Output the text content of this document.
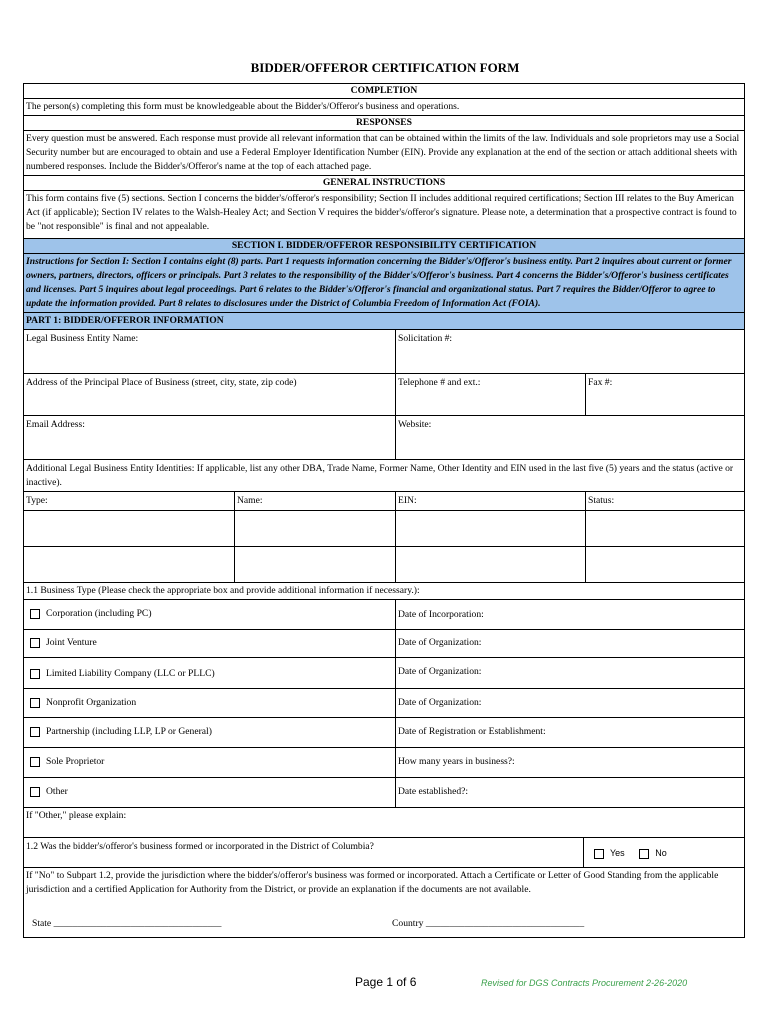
BIDDER/OFFEROR CERTIFICATION FORM
COMPLETION
The person(s) completing this form must be knowledgeable about the Bidder's/Offeror's business and operations.
RESPONSES
Every question must be answered. Each response must provide all relevant information that can be obtained within the limits of the law. Individuals and sole proprietors may use a Social Security number but are encouraged to obtain and use a Federal Employer Identification Number (EIN). Provide any explanation at the end of the section or attach additional sheets with numbered responses. Include the Bidder's/Offeror's name at the top of each attached page.
GENERAL INSTRUCTIONS
This form contains five (5) sections. Section I concerns the bidder's/offeror's responsibility; Section II includes additional required certifications; Section III relates to the Buy American Act (if applicable); Section IV relates to the Walsh-Healey Act; and Section V requires the bidder's/offeror's signature. Please note, a determination that a prospective contract is found to be "not responsible" is final and not appealable.
SECTION I. BIDDER/OFFEROR RESPONSIBILITY CERTIFICATION
Instructions for Section I: Section I contains eight (8) parts. Part 1 requests information concerning the Bidder's/Offeror's business entity. Part 2 inquires about current or former owners, partners, directors, officers or principals. Part 3 relates to the responsibility of the Bidder's/Offeror's business. Part 4 concerns the Bidder's/Offeror's business certificates and licenses. Part 5 inquires about legal proceedings. Part 6 relates to the Bidder's/Offeror's financial and organizational status. Part 7 requires the Bidder/Offeror to agree to update the information provided. Part 8 relates to disclosures under the District of Columbia Freedom of Information Act (FOIA).
PART 1: BIDDER/OFFEROR INFORMATION
Legal Business Entity Name:	Solicitation #:
Address of the Principal Place of Business (street, city, state, zip code)	Telephone # and ext.:	Fax #:
Email Address:	Website:
Additional Legal Business Entity Identities: If applicable, list any other DBA, Trade Name, Former Name, Other Identity and EIN used in the last five (5) years and the status (active or inactive).
Type:	Name:	EIN:	Status:
1.1 Business Type (Please check the appropriate box and provide additional information if necessary.):
Corporation (including PC)	Date of Incorporation:
Joint Venture	Date of Organization:
Limited Liability Company (LLC or PLLC)	Date of Organization:
Nonprofit Organization	Date of Organization:
Partnership (including LLP, LP or General)	Date of Registration or Establishment:
Sole Proprietor	How many years in business?:
Other	Date established?:
If "Other," please explain:
1.2 Was the bidder's/offeror's business formed or incorporated in the District of Columbia?
Yes	No
If "No" to Subpart 1.2, provide the jurisdiction where the bidder's/offeror's business was formed or incorporated. Attach a Certificate or Letter of Good Standing from the applicable jurisdiction and a certified Application for Authority from the District, or provide an explanation if the documents are not available.
State ___________________________________	Country _________________________________
Page 1 of 6	Revised for DGS Contracts Procurement 2-26-2020
